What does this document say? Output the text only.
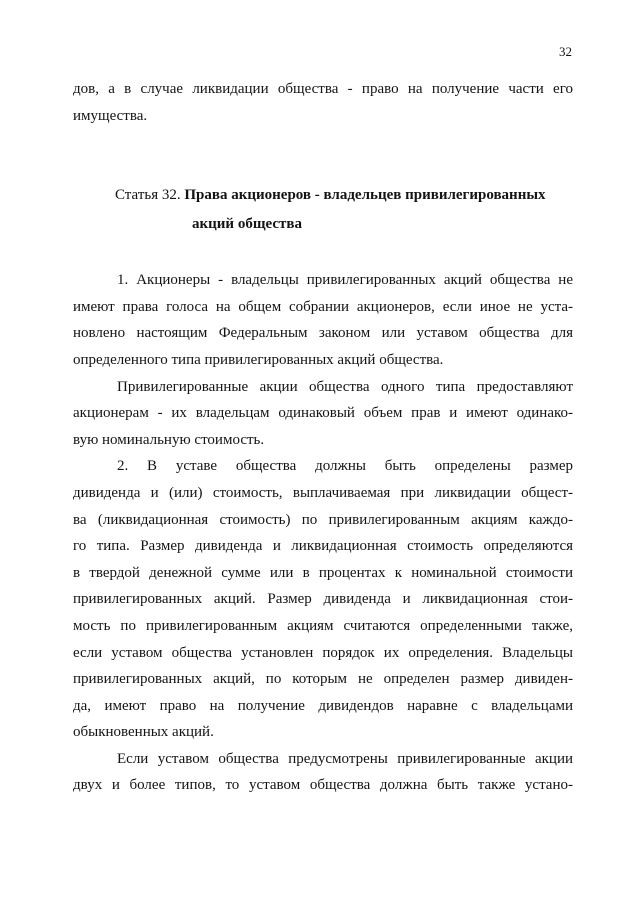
32
дов, а в случае ликвидации общества - право на получение части его
имущества.
Статья 32. Права акционеров - владельцев привилегированных
акций общества
1. Акционеры - владельцы привилегированных акций общества не
имеют права голоса на общем собрании акционеров, если иное не уста-
новлено настоящим Федеральным законом или уставом общества для
определенного типа привилегированных акций общества.
Привилегированные акции общества одного типа предоставляют
акционерам - их владельцам одинаковый объем прав и имеют одинако-
вую номинальную стоимость.
2. В уставе общества должны быть определены размер
дивиденда и (или) стоимость, выплачиваемая при ликвидации общест-
ва (ликвидационная стоимость) по привилегированным акциям каждо-
го типа. Размер дивиденда и ликвидационная стоимость определяются
в твердой денежной сумме или в процентах к номинальной стоимости
привилегированных акций. Размер дивиденда и ликвидационная стои-
мость по привилегированным акциям считаются определенными также,
если уставом общества установлен порядок их определения. Владельцы
привилегированных акций, по которым не определен размер дивиден-
да, имеют право на получение дивидендов наравне с владельцами
обыкновенных акций.
Если уставом общества предусмотрены привилегированные акции
двух и более типов, то уставом общества должна быть также устано-
